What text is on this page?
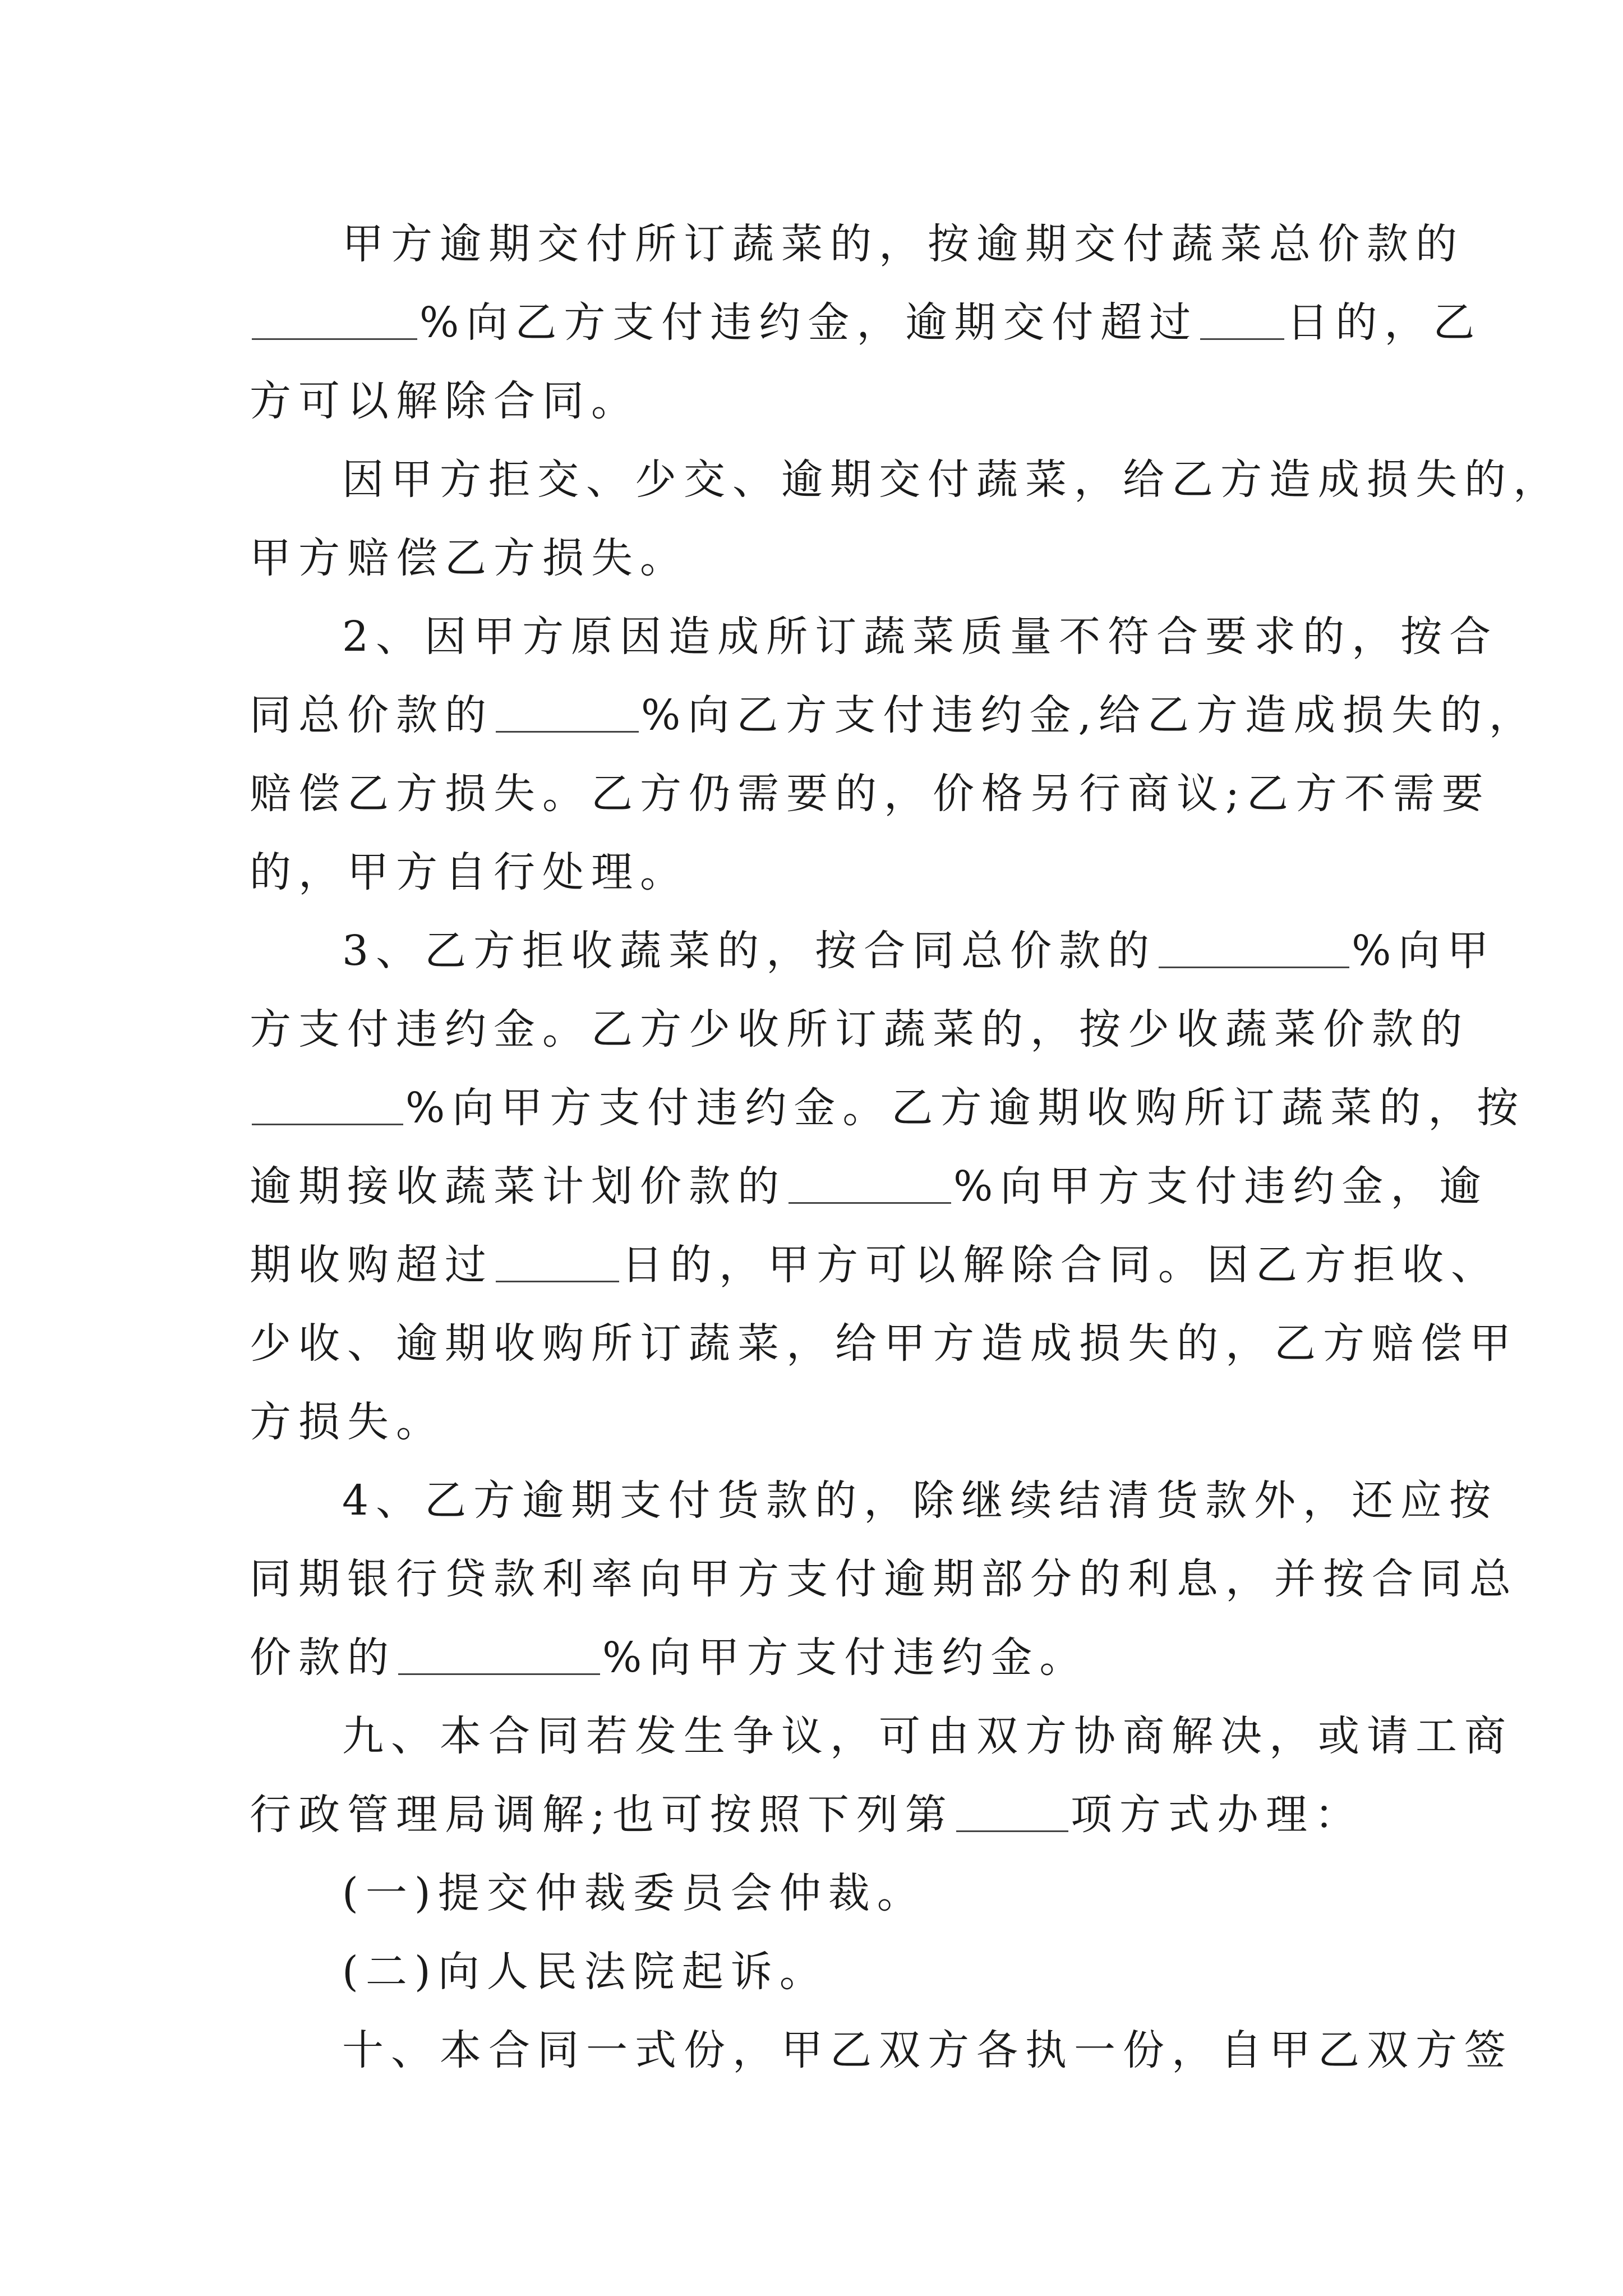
甲方逾期交付所订蔬菜的，按逾期交付蔬菜总价款的
%向乙方支付违约金，逾期交付超过 日的，乙
方可以解除合同。
因甲方拒交、少交、逾期交付蔬菜，给乙方造成损失的，
甲方赔偿乙方损失。
2、因甲方原因造成所订蔬菜质量不符合要求的，按合
同总价款的	%向乙方支付违约金,给乙方造成损失的，
赔偿乙方损失。乙方仍需要的，价格另行商议;乙方不需要
的，甲方自行处理。
3、乙方拒收蔬菜的，按合同总价款的	%向甲
方支付违约金。乙方少收所订蔬菜的，按少收蔬菜价款的
%向甲方支付违约金。乙方逾期收购所订蔬菜的，按
逾期接收蔬菜计划价款的	%向甲方支付违约金，逾
期收购超过	日的，甲方可以解除合同。因乙方拒收、
少收、逾期收购所订蔬菜，给甲方造成损失的，乙方赔偿甲
方损失。
4、乙方逾期支付货款的，除继续结清货款外，还应按
同期银行贷款利率向甲方支付逾期部分的利息，并按合同总
价款的	%向甲方支付违约金。
九、本合同若发生争议，可由双方协商解决，或请工商
行政管理局调解;也可按照下列第	项方式办理：
(一)提交仲裁委员会仲裁。
(二)向人民法院起诉。
十、本合同一式份，甲乙双方各执一份，自甲乙双方签
